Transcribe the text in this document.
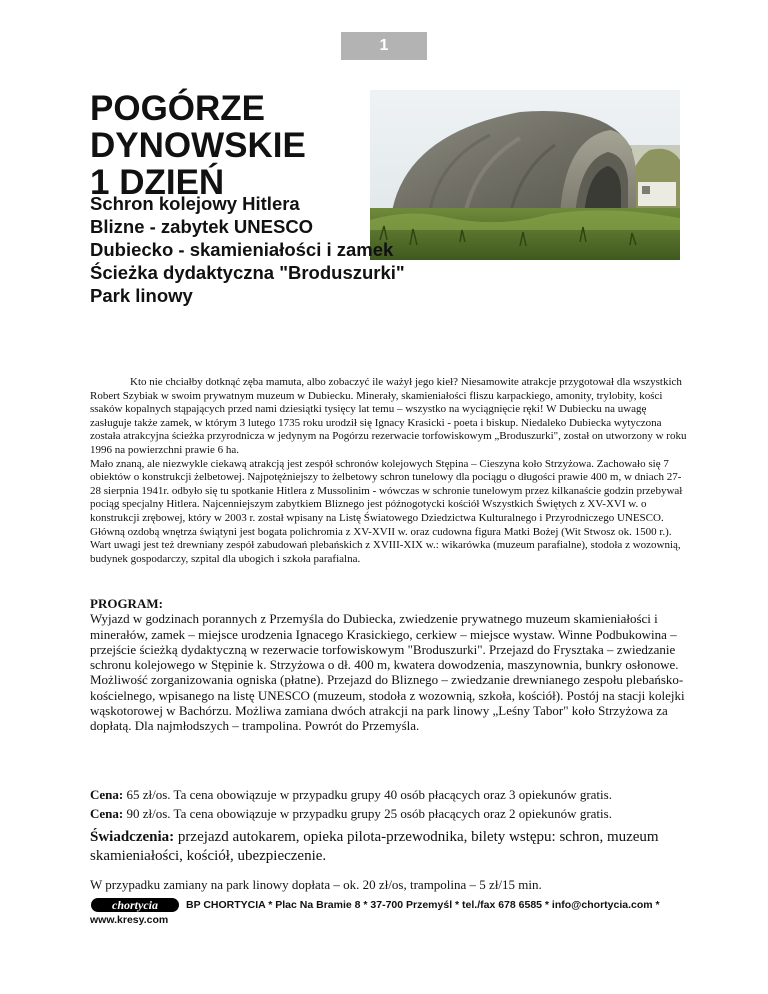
1
POGÓRZE
DYNOWSKIE
1 DZIEŃ
Schron kolejowy Hitlera
Blizne - zabytek UNESCO
Dubiecko - skamieniałości i zamek
Ścieżka dydaktyczna "Broduszurki"
Park linowy

Kto nie chciałby dotknąć zęba mamuta, albo zobaczyć ile ważył jego kieł? Niesamowite atrakcje przygotował dla wszystkich Robert Szybiak w swoim prywatnym muzeum w Dubiecku. Minerały, skamieniałości fliszu karpackiego, amonity, trylobity, kości ssaków kopalnych stąpających przed nami dziesiątki tysięcy lat temu – wszystko na wyciągnięcie ręki! W Dubiecku na uwagę zasługuje także zamek, w którym 3 lutego 1735 roku urodził się Ignacy Krasicki - poeta i biskup. Niedaleko Dubiecka wytyczona została atrakcyjna ścieżka przyrodnicza w jedynym na Pogórzu rezerwacie torfowiskowym „Broduszurki", został on utworzony w roku 1996 na powierzchni prawie 6 ha.

Mało znaną, ale niezwykle ciekawą atrakcją jest zespół schronów kolejowych Stępina – Cieszyna koło Strzyżowa. Zachowało się 7 obiektów o konstrukcji żelbetowej. Najpotężniejszy to żelbetowy schron tunelowy dla pociągu o długości prawie 400 m, w dniach 27- 28 sierpnia 1941r. odbyło się tu spotkanie Hitlera z Mussolinim - wówczas w schronie tunelowym przez kilkanaście godzin przebywał pociąg specjalny Hitlera. Najcenniejszym zabytkiem Bliznego jest późnogotycki kościół Wszystkich Świętych z XV-XVI w. o konstrukcji zrębowej, który w 2003 r. został wpisany na Listę Światowego Dziedzictwa Kulturalnego i Przyrodniczego UNESCO. Główną ozdobą wnętrza świątyni jest bogata polichromia z XV-XVII w. oraz cudowna figura Matki Bożej (Wit Stwosz ok. 1500 r.). Wart uwagi jest też drewniany zespół zabudowań plebańskich z XVIII-XIX w.: wikarówka (muzeum parafialne), stodoła z wozownią, budynek gospodarczy, szpital dla ubogich i szkoła parafialna.

PROGRAM:

Wyjazd w godzinach porannych z Przemyśla do Dubiecka, zwiedzenie prywatnego muzeum skamieniałości i minerałów, zamek – miejsce urodzenia Ignacego Krasickiego, cerkiew – miejsce wystaw. Winne Podbukowina – przejście ścieżką dydaktyczną w rezerwacie torfowiskowym "Broduszurki". Przejazd do Frysztaka – zwiedzanie schronu kolejowego w Stępinie k. Strzyżowa o dł. 400 m, kwatera dowodzenia, maszynownia, bunkry osłonowe. Możliwość zorganizowania ogniska (płatne). Przejazd do Bliznego – zwiedzanie drewnianego zespołu plebańsko-kościelnego, wpisanego na listę UNESCO (muzeum, stodoła z wozownią, szkoła, kościół). Postój na stacji kolejki wąskotorowej w Bachórzu. Możliwa zamiana dwóch atrakcji na park linowy „Leśny Tabor" koło Strzyżowa za dopłatą. Dla najmłodszych – trampolina. Powrót do Przemyśla.

Cena: 65 zł/os. Ta cena obowiązuje w przypadku grupy 40 osób płacących oraz 3 opiekunów gratis.

Cena: 90 zł/os. Ta cena obowiązuje w przypadku grupy 25 osób płacących oraz 2 opiekunów gratis.

Świadczenia: przejazd autokarem, opieka pilota-przewodnika, bilety wstępu: schron, muzeum skamieniałości, kościół, ubezpieczenie.

W przypadku zamiany na park linowy dopłata – ok. 20 zł/os, trampolina – 5 zł/15 min.
chortycia	BP CHORTYCIA * Plac Na Bramie 8 * 37-700 Przemyśl * tel./fax 678 6585 * info@chortycia.com * www.kresy.com
